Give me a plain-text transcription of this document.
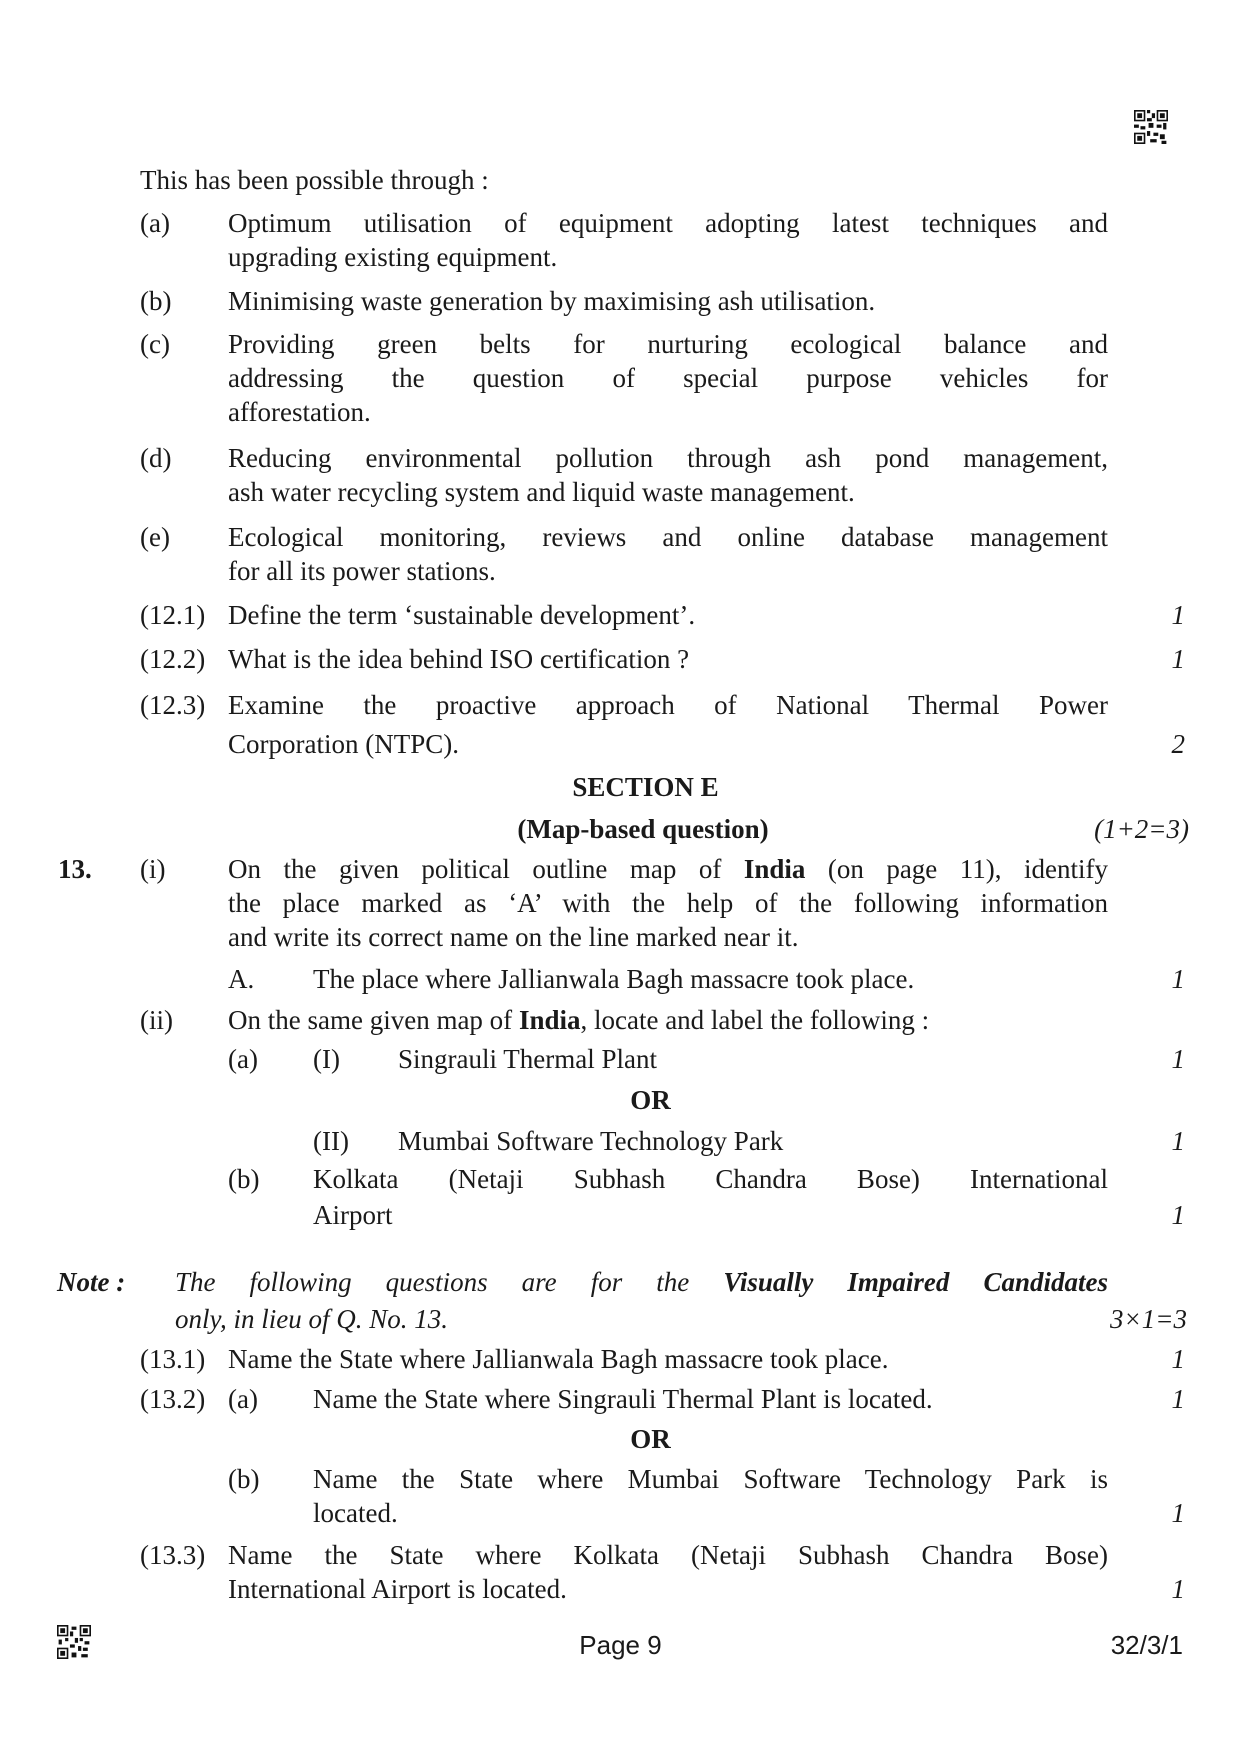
This has been possible through :
(a) Optimum utilisation of equipment adopting latest techniques and
upgrading existing equipment.
(b) Minimising waste generation by maximising ash utilisation.
(c) Providing green belts for nurturing ecological balance and
addressing the question of special purpose vehicles for
afforestation.
(d) Reducing environmental pollution through ash pond management,
ash water recycling system and liquid waste management.
(e) Ecological monitoring, reviews and online database management
for all its power stations.
(12.1) Define the term ‘sustainable development’.	1
(12.2) What is the idea behind ISO certification ?	1
(12.3) Examine the proactive approach of National Thermal Power
Corporation (NTPC).	2
SECTION E
(Map-based question)	(1+2=3)
13. (i) On the given political outline map of India (on page 11), identify
the place marked as ‘A’ with the help of the following information
and write its correct name on the line marked near it.
A. The place where Jallianwala Bagh massacre took place.	1
(ii) On the same given map of India, locate and label the following :
(a) (I) Singrauli Thermal Plant	1
OR
(II) Mumbai Software Technology Park	1
(b) Kolkata (Netaji Subhash Chandra Bose) International
Airport	1
Note : The following questions are for the Visually Impaired Candidates
only, in lieu of Q. No. 13.	3×1=3
(13.1) Name the State where Jallianwala Bagh massacre took place.	1
(13.2) (a) Name the State where Singrauli Thermal Plant is located.	1
OR
(b) Name the State where Mumbai Software Technology Park is
located.	1
(13.3) Name the State where Kolkata (Netaji Subhash Chandra Bose)
International Airport is located.	1
Page 9	32/3/1
